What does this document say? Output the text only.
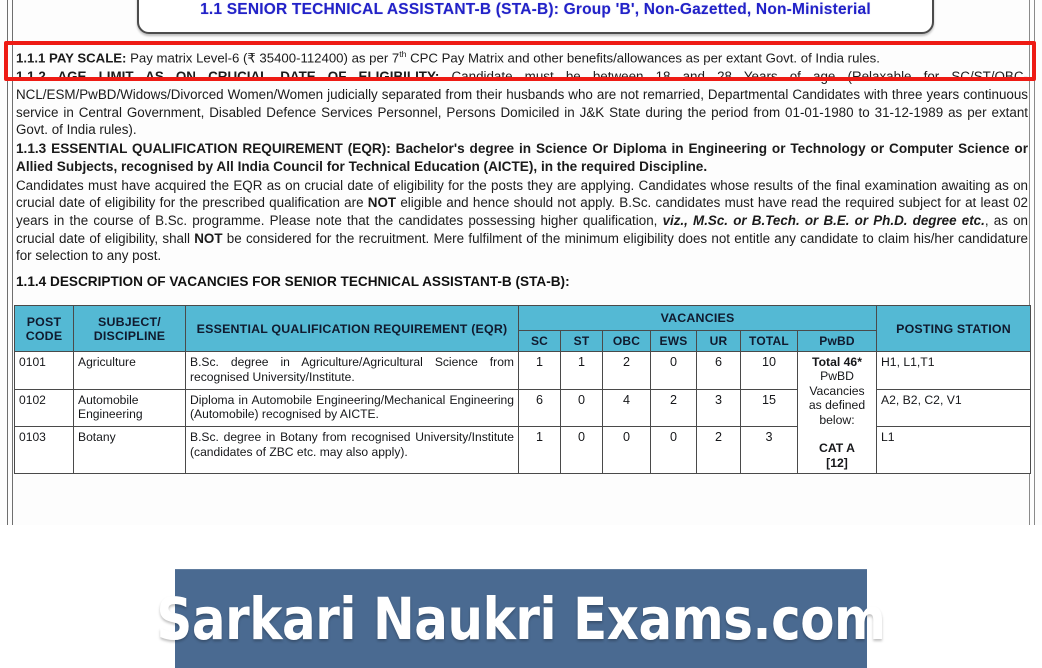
1.1 SENIOR TECHNICAL ASSISTANT-B (STA-B): Group 'B', Non-Gazetted, Non-Ministerial

1.1.1 PAY SCALE: Pay matrix Level-6 (₹ 35400-112400) as per 7th CPC Pay Matrix and other benefits/allowances as per extant Govt. of India rules.

1.1.2 AGE LIMIT AS ON CRUCIAL DATE OF ELIGIBILITY: Candidate must be between 18 and 28 Years of age (Relaxable for SC/ST/OBC-NCL/ESM/PwBD/Widows/Divorced Women/Women judicially separated from their husbands who are not remarried, Departmental Candidates with three years continuous service in Central Government, Disabled Defence Services Personnel, Persons Domiciled in J&K State during the period from 01-01-1980 to 31-12-1989 as per extant Govt. of India rules).

1.1.3 ESSENTIAL QUALIFICATION REQUIREMENT (EQR): Bachelor's degree in Science Or Diploma in Engineering or Technology or Computer Science or Allied Subjects, recognised by All India Council for Technical Education (AICTE), in the required Discipline.

Candidates must have acquired the EQR as on crucial date of eligibility for the posts they are applying. Candidates whose results of the final examination awaiting as on crucial date of eligibility for the prescribed qualification are NOT eligible and hence should not apply. B.Sc. candidates must have read the required subject for at least 02 years in the course of B.Sc. programme. Please note that the candidates possessing higher qualification, viz., M.Sc. or B.Tech. or B.E. or Ph.D. degree etc., as on crucial date of eligibility, shall NOT be considered for the recruitment. Mere fulfilment of the minimum eligibility does not entitle any candidate to claim his/her candidature for selection to any post.

1.1.4 DESCRIPTION OF VACANCIES FOR SENIOR TECHNICAL ASSISTANT-B (STA-B):

POST CODE	SUBJECT/ DISCIPLINE	ESSENTIAL QUALIFICATION REQUIREMENT (EQR)	VACANCIES							POSTING STATION
			SC	ST	OBC	EWS	UR	TOTAL	PwBD	
0101	Agriculture	B.Sc. degree in Agriculture/Agricultural Science from recognised University/Institute.	1	1	2	0	6	10	Total 46*
PwBD
Vacancies
as defined
below:

CAT A
[12]	H1, L1,T1
0102	Automobile Engineering	Diploma in Automobile Engineering/Mechanical Engineering (Automobile) recognised by AICTE.	6	0	4	2	3	15		A2, B2, C2, V1
0103	Botany	B.Sc. degree in Botany from recognised University/Institute (candidates of ZBC etc. may also apply).	1	0	0	0	2	3		L1
Sarkari Naukri Exams.com
